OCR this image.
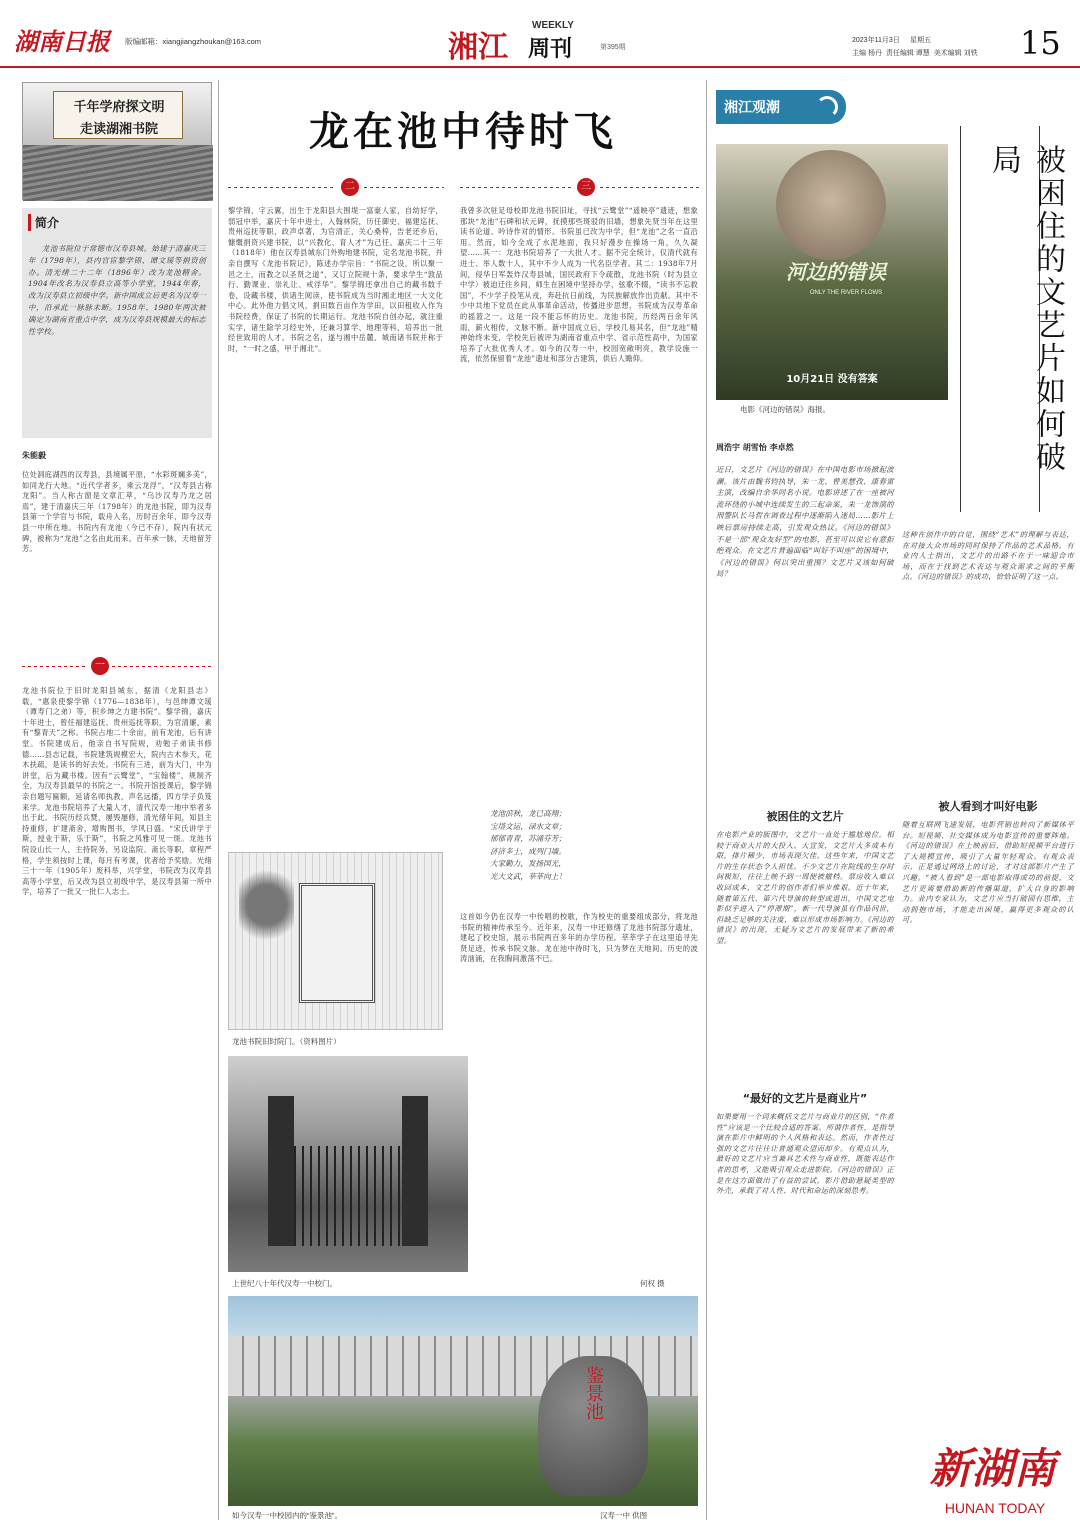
湖南日报	版编邮箱：xiangjiangzhoukan@163.com	湘江
WEEKLY
周刊	第395期
2023年11月3日	星期五
主编 杨丹 责任编辑 谭慧 美术编辑 刘铁	15
千年学府探文明
走读湖湘书院
简介
龙池书院位于常德市汉寿县城。始建于清嘉庆三年（1798年），县内官宦黎学锦、谭文瑗等捐资创办。清光绪二十二年（1896年）改为龙池精舍。1904年改名为汉寿县立高等小学堂，1944年春，改为汉寿县立初级中学。新中国成立后更名为汉寿一中，沿承此一脉脉未断。1958年、1980年两次被确定为湖南省重点中学，成为汉寿县规模最大的标志性学校。
朱能毅
位处洞庭湖西的汉寿县，县境属平原，“水彩斑斓多美”，如同龙行大地。“近代学者多，乘云龙浮”，“汉寿县古称龙阳”。当人称古窗是文章汇萃，“乌沙汉寿乃龙之居焉”，建于清嘉庆三年（1798年）的龙池书院，即为汉寿县第一个学官与书院，载舟入名，历时百余年，即今汉寿县一中所在地。书院内有龙池（今已不存），院内有状元碑，被称为“龙池”之名由此而来。百年承一脉，天地留芳芳。
一
龙池书院位于旧时龙阳县城东，据清《龙阳县志》载，“惠泉使黎学锦（1776—1838年），与邑绅谭文瑗（谭寿门之弟）等，积乡绅之力建书院”。黎学锦，嘉庆十年进士，曾任福建巡抚、贵州巡抚等职，为官清廉，素有“黎青天”之称。书院占地二十余亩，前有龙池，后有讲堂。书院建成后，他亲自书写院规，劝勉子弟读书修德……县志记载，书院建筑规模宏大，院内古木参天，花木扶疏，是读书的好去处。书院有三进，前为大门，中为讲堂，后为藏书楼。因有“云鹭堂”，“宝翰楼”，规制齐全，为汉寿县最早的书院之一。书院开馆授课后，黎学锦亲自题写匾额，延请名师执教，声名远播，四方学子负笈来学。龙池书院培养了大量人才，清代汉寿一地中举者多出于此。书院历经兵燹，屡毁屡修，清光绪年间，知县主持重修，扩建斋舍，增购图书，学风日盛。“宋氏讲学于斯，授业于斯，乐于斯”，书院之风雅可见一斑。龙池书院设山长一人，主持院务，另设监院、斋长等职，章程严格，学生须按时上课，每月有考课，优者给予奖励。光绪三十一年（1905年）废科举，兴学堂，书院改为汉寿县高等小学堂，后又改为县立初级中学，是汉寿县第一所中学，培养了一批又一批仁人志士。
龙在池中待时飞
二
黎学锦，字云翼，出生于龙阳县大围堤一富豪人家，自幼好学，弱冠中举，嘉庆十年中进士，入翰林院，历任御史、福建巡抚、贵州巡抚等职，政声卓著，为官清正，关心桑梓，告老还乡后，慷慨捐资兴建书院，以“兴教化、育人才”为己任。嘉庆二十三年（1818年）他在汉寿县城东门外购地建书院，定名龙池书院，并亲自撰写《龙池书院记》，陈述办学宗旨：“书院之设，所以聚一邑之士，而教之以圣贤之道”，又订立院规十条，要求学生“敦品行、勤课业、崇礼让、戒浮华”。黎学锦还拿出自己的藏书数千卷，设藏书楼，供诸生阅读，使书院成为当时湘北地区一大文化中心。此外他力倡文风，捐田数百亩作为学田，以田租收入作为书院经费，保证了书院的长期运行。龙池书院自创办起，就注重实学，诸生除学习经史外，还兼习算学、地理等科，培养出一批经世致用的人才。书院之名，遂与湘中岳麓、城南诸书院并称于时，“一时之盛，甲于湘北”。
三
我曾多次驻足母校即龙池书院旧址，寻找“云鹭堂”“遥映亭”遗迹，想象那块“龙池”石碑和状元碑，抚摸那些斑驳的旧墙，想象先贤当年在这里读书论道、吟诗作对的情形。书院虽已改为中学，但“龙池”之名一直沿用。然而，如今全成了水泥地面，我只好漫步在操场一角，久久凝望……其一：龙池书院培养了一大批人才。据不完全统计，仅清代就有进士、举人数十人，其中不少人成为一代名臣学者。其二：1938年7月间，侵华日军轰炸汉寿县城，国民政府下令疏散，龙池书院（时为县立中学）被迫迁往乡间，师生在困境中坚持办学，弦歌不辍，“读书不忘救国”，不少学子投笔从戎，奔赴抗日前线，为民族解放作出贡献。其中不少中共地下党员在此从事革命活动，传播进步思想，书院成为汉寿革命的摇篮之一。这是一段不能忘怀的历史。龙池书院，历经两百余年风雨，薪火相传，文脉不断。新中国成立后，学校几易其名，但“龙池”精神始终未变，学校先后被评为湖南省重点中学、省示范性高中，为国家培养了大批优秀人才。如今的汉寿一中，校园宽敞明亮，教学设施一流，依然保留着“龙池”遗址和部分古建筑，供后人瞻仰。
龙池滨秋，龙已高翔；
宝塔文运，渌水文章；
郁郁青青，苏涌芬芳；
济济多士，成列门墙。
大家勤力，发扬国光，
光大文武，莘莘向上！
这首如今仍在汉寿一中传唱的校歌，作为校史的重要组成部分，将龙池书院的精神传承至今。近年来，汉寿一中还修缮了龙池书院部分遗址，建起了校史馆，展示书院两百多年的办学历程。莘莘学子在这里追寻先贤足迹，传承书院文脉。龙在池中待时飞，只为梦在天地间。历史的波涛汹涌，在我胸间激荡不已。
龙池书院旧时院门。（资料图片）
上世纪八十年代汉寿一中校门。	何权 摄
鉴景池
如今汉寿一中校园内的“鉴景池”。	汉寿一中 供图
湘江观潮
河边的错误
ONLY THE RIVER FLOWS
10月21日 没有答案
电影《河边的错误》海报。	被困住的文艺片如何破局
周浩宇 胡雪怡 李卓然
近日，文艺片《河边的错误》在中国电影市场掀起波澜。该片由魏书钧执导，朱一龙、曾美慧孜、康春雷主演，改编自余华同名小说。电影讲述了在一座被河流环绕的小城中连续发生的三起命案，朱一龙饰演的刑警队长马哲在调查过程中逐渐陷入迷局……影片上映后票房持续走高，引发观众热议。《河边的错误》不是一部“观众友好型”的电影，甚至可以说它有意拒绝观众。在文艺片普遍面临“叫好不叫座”的困境中，《河边的错误》何以突出重围？文艺片又该如何破局？
被困住的文艺片
在电影产业的版图中，文艺片一直处于尴尬地位。相较于商业大片的大投入、大宣发，文艺片大多成本有限，排片稀少，市场表现欠佳。这些年来，中国文艺片的生存状态令人担忧。不少文艺片在院线的生存时间极短，往往上映不到一周便被撤档。票房收入难以收回成本，文艺片的创作者们举步维艰。近十年来，随着第五代、第六代导演的转型或退出，中国文艺电影似乎进入了“停滞期”，新一代导演虽有作品问世，但缺乏足够的关注度，难以形成市场影响力。《河边的错误》的出现，无疑为文艺片的发展带来了新的希望。
“最好的文艺片是商业片”
如果要用一个词来概括文艺片与商业片的区别，“作者性”应该是一个比较合适的答案。所谓作者性，是指导演在影片中鲜明的个人风格和表达。然而，作者性过强的文艺片往往让普通观众望而却步。有观点认为，最好的文艺片应当兼具艺术性与商业性，既能表达作者的思考，又能吸引观众走进影院。《河边的错误》正是在这方面做出了有益的尝试，影片借助悬疑类型的外壳，承载了对人性、时代和命运的深刻思考。
这种在创作中的自觉，围绕“艺术”的理解与表达，在对接大众市场的同时保持了作品的艺术品格。有业内人士指出，文艺片的出路不在于一味迎合市场，而在于找到艺术表达与观众需求之间的平衡点。《河边的错误》的成功，恰恰证明了这一点。
被人看到才叫好电影
随着互联网飞速发展，电影营销也转向了新媒体平台。短视频、社交媒体成为电影宣传的重要阵地。《河边的错误》在上映前后，借助短视频平台进行了大规模宣传，吸引了大量年轻观众。有观众表示，正是通过网络上的讨论，才对这部影片产生了兴趣。“被人看到”是一部电影取得成功的前提，文艺片更需要借助新的传播渠道，扩大自身的影响力。业内专家认为，文艺片应当打破固有思维，主动拥抱市场，才能走出困境，赢得更多观众的认可。
新湖南
HUNAN TODAY
